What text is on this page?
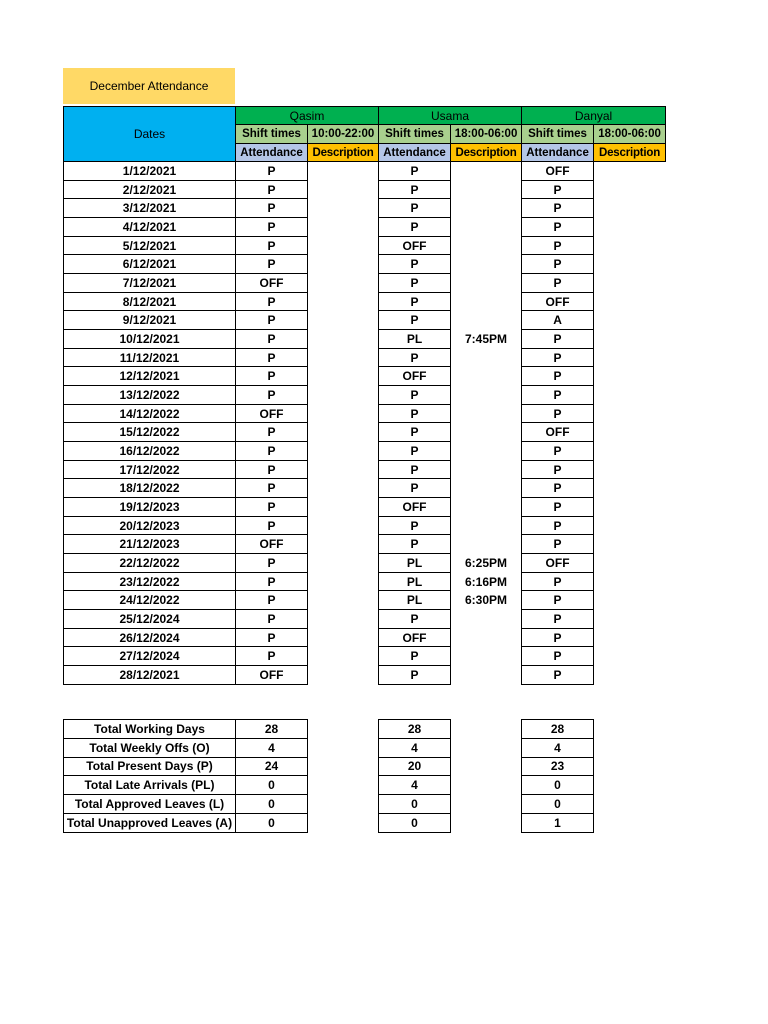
December Attendance
Dates	Qasim		Usama		Danyal	
	Shift times	10:00-22:00	Shift times	18:00-06:00	Shift times	18:00-06:00
	Attendance	Description	Attendance	Description	Attendance	Description
1/12/2021	P		P		OFF	
2/12/2021	P		P		P	
3/12/2021	P		P		P	
4/12/2021	P		P		P	
5/12/2021	P		OFF		P	
6/12/2021	P		P		P	
7/12/2021	OFF		P		P	
8/12/2021	P		P		OFF	
9/12/2021	P		P		A	
10/12/2021	P		PL	7:45PM	P	
11/12/2021	P		P		P	
12/12/2021	P		OFF		P	
13/12/2022	P		P		P	
14/12/2022	OFF		P		P	
15/12/2022	P		P		OFF	
16/12/2022	P		P		P	
17/12/2022	P		P		P	
18/12/2022	P		P		P	
19/12/2023	P		OFF		P	
20/12/2023	P		P		P	
21/12/2023	OFF		P		P	
22/12/2022	P		PL	6:25PM	OFF	
23/12/2022	P		PL	6:16PM	P	
24/12/2022	P		PL	6:30PM	P	
25/12/2024	P		P		P	
26/12/2024	P		OFF		P	
27/12/2024	P		P		P	
28/12/2021	OFF		P		P	
Total Working Days	28		28		28	
Total Weekly Offs (O)	4		4		4	
Total Present Days (P)	24		20		23	
Total Late Arrivals (PL)	0		4		0	
Total Approved Leaves (L)	0		0		0	
Total Unapproved Leaves (A)	0		0		1	
